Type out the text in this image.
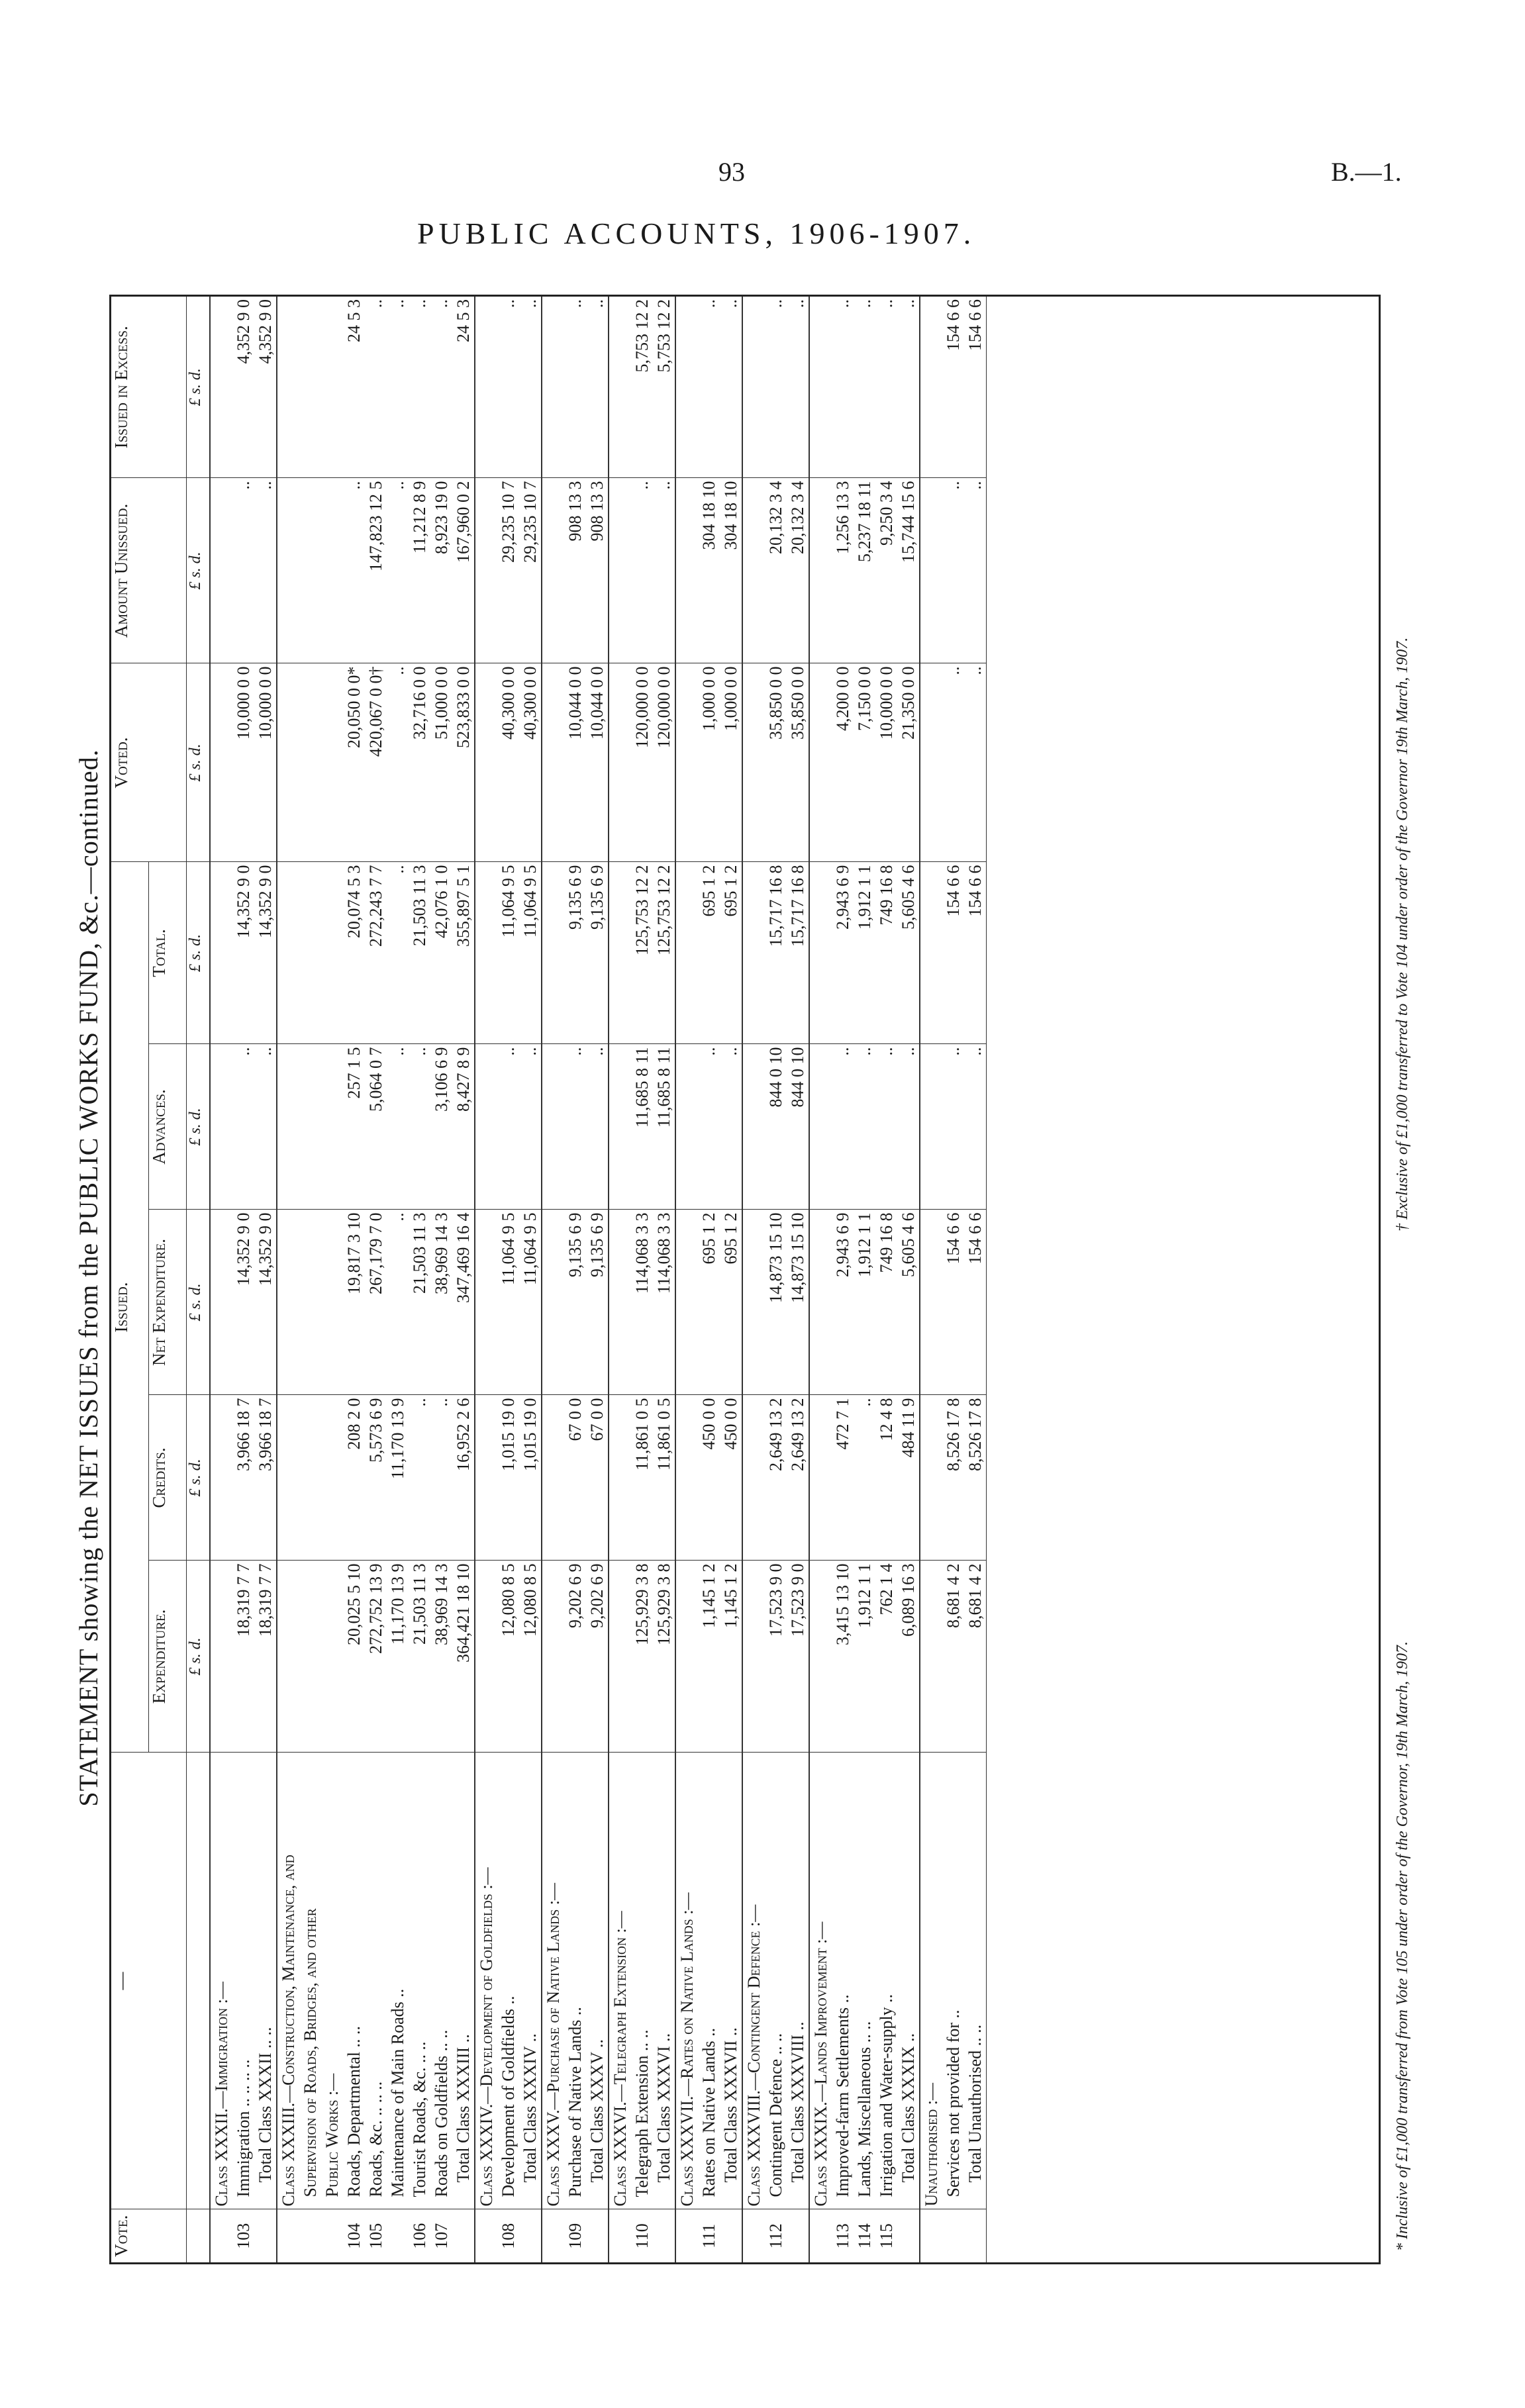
93	B.—1.
PUBLIC ACCOUNTS, 1906-1907.
STATEMENT showing the NET ISSUES from the PUBLIC WORKS FUND, &c.—continued.
Vote.	—	Issued.					Voted.	Amount Unissued.	Issued in Excess.
		Expenditure.	Credits.	Net Expenditure.	Advances.	Total.			
		£ s. d.	£ s. d.	£ s. d.	£ s. d.	£ s. d.	£ s. d.	£ s. d.	£ s. d.
	Class XXXII.—Immigration :—								
103	Immigration .. .. .. ..	18,319 7 7	3,966 18 7	14,352 9 0	..	14,352 9 0	10,000 0 0	..	4,352 9 0
	Total Class XXXII .. ..	18,319 7 7	3,966 18 7	14,352 9 0	..	14,352 9 0	10,000 0 0	..	4,352 9 0
	Class XXXIII.—Construction, Maintenance, and								
	Supervision of Roads, Bridges, and other								
	Public Works :—								
104	Roads, Departmental .. ..	20,025 5 10	208 2 0	19,817 3 10	257 1 5	20,074 5 3	20,050 0 0*	..	24 5 3
105	Roads, &c. .. .. ..	272,752 13 9	5,573 6 9	267,179 7 0	5,064 0 7	272,243 7 7	420,067 0 0†	147,823 12 5	..
	Maintenance of Main Roads ..	11,170 13 9	11,170 13 9	..	..	..	..	..	..
106	Tourist Roads, &c. .. ..	21,503 11 3	..	21,503 11 3	..	21,503 11 3	32,716 0 0	11,212 8 9	..
107	Roads on Goldfields .. ..	38,969 14 3	..	38,969 14 3	3,106 6 9	42,076 1 0	51,000 0 0	8,923 19 0	..
	Total Class XXXIII ..	364,421 18 10	16,952 2 6	347,469 16 4	8,427 8 9	355,897 5 1	523,833 0 0	167,960 0 2	24 5 3
	Class XXXIV.—Development of Goldfields :—								
108	Development of Goldfields ..	12,080 8 5	1,015 19 0	11,064 9 5	..	11,064 9 5	40,300 0 0	29,235 10 7	..
	Total Class XXXIV ..	12,080 8 5	1,015 19 0	11,064 9 5	..	11,064 9 5	40,300 0 0	29,235 10 7	..
	Class XXXV.—Purchase of Native Lands :—								
109	Purchase of Native Lands ..	9,202 6 9	67 0 0	9,135 6 9	..	9,135 6 9	10,044 0 0	908 13 3	..
	Total Class XXXV ..	9,202 6 9	67 0 0	9,135 6 9	..	9,135 6 9	10,044 0 0	908 13 3	..
	Class XXXVI.—Telegraph Extension :—								
110	Telegraph Extension .. ..	125,929 3 8	11,861 0 5	114,068 3 3	11,685 8 11	125,753 12 2	120,000 0 0	..	5,753 12 2
	Total Class XXXVI ..	125,929 3 8	11,861 0 5	114,068 3 3	11,685 8 11	125,753 12 2	120,000 0 0	..	5,753 12 2
	Class XXXVII.—Rates on Native Lands :—								
111	Rates on Native Lands ..	1,145 1 2	450 0 0	695 1 2	..	695 1 2	1,000 0 0	304 18 10	..
	Total Class XXXVII ..	1,145 1 2	450 0 0	695 1 2	..	695 1 2	1,000 0 0	304 18 10	..
	Class XXXVIII.—Contingent Defence :—								
112	Contingent Defence .. ..	17,523 9 0	2,649 13 2	14,873 15 10	844 0 10	15,717 16 8	35,850 0 0	20,132 3 4	..
	Total Class XXXVIII ..	17,523 9 0	2,649 13 2	14,873 15 10	844 0 10	15,717 16 8	35,850 0 0	20,132 3 4	..
	Class XXXIX.—Lands Improvement :—								
113	Improved-farm Settlements ..	3,415 13 10	472 7 1	2,943 6 9	..	2,943 6 9	4,200 0 0	1,256 13 3	..
114	Lands, Miscellaneous .. ..	1,912 1 1	..	1,912 1 1	..	1,912 1 1	7,150 0 0	5,237 18 11	..
115	Irrigation and Water-supply ..	762 1 4	12 4 8	749 16 8	..	749 16 8	10,000 0 0	9,250 3 4	..
	Total Class XXXIX ..	6,089 16 3	484 11 9	5,605 4 6	..	5,605 4 6	21,350 0 0	15,744 15 6	..
	Unauthorised :—								
	Services not provided for ..	8,681 4 2	8,526 17 8	154 6 6	..	154 6 6	..	..	154 6 6
	Total Unauthorised .. ..	8,681 4 2	8,526 17 8	154 6 6	..	154 6 6	..	..	154 6 6
* Inclusive of £1,000 transferred from Vote 105 under order of the Governor, 19th March, 1907.
† Exclusive of £1,000 transferred to Vote 104 under order of the Governor 19th March, 1907.
